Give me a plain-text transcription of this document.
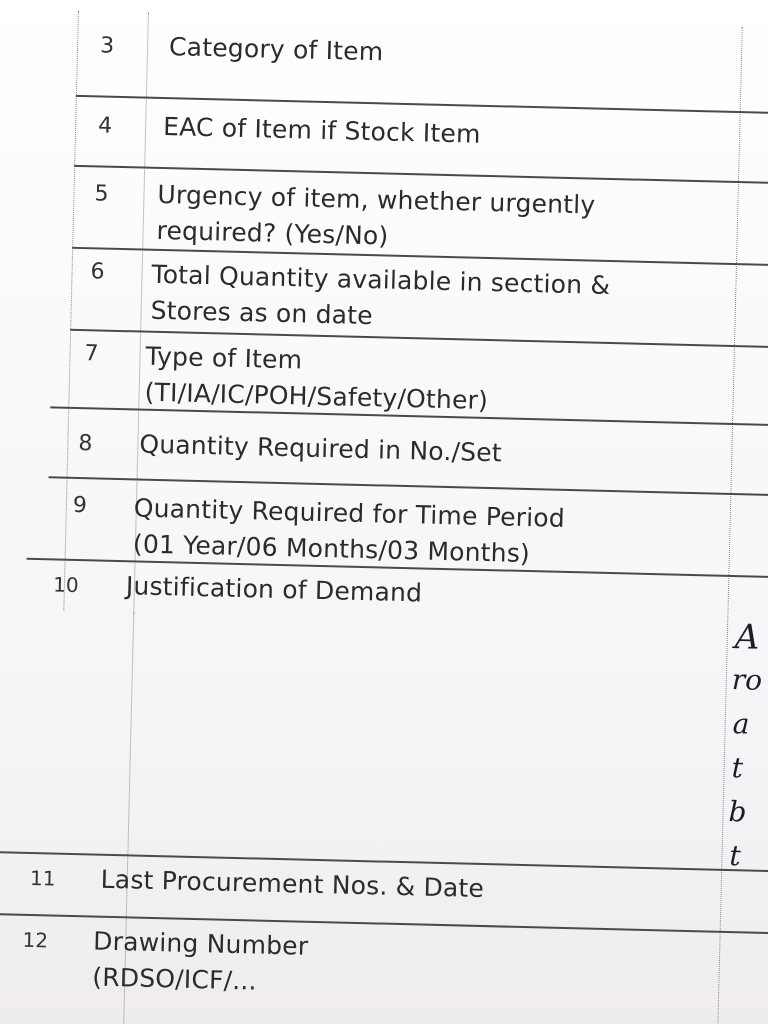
3	Category of Item
4	EAC of Item if Stock Item
5	Urgency of item, whether urgently
required? (Yes/No)
6	Total Quantity available in section &
Stores as on date
7	Type of Item
(TI/IA/IC/POH/Safety/Other)
8	Quantity Required in No./Set
9	Quantity Required for Time Period
(01 Year/06 Months/03 Months)
10 Justification of Demand
11 Last Procurement Nos. & Date
12 Drawing Number
(RDSO/ICF/...
A
ro
a
t
b
t
